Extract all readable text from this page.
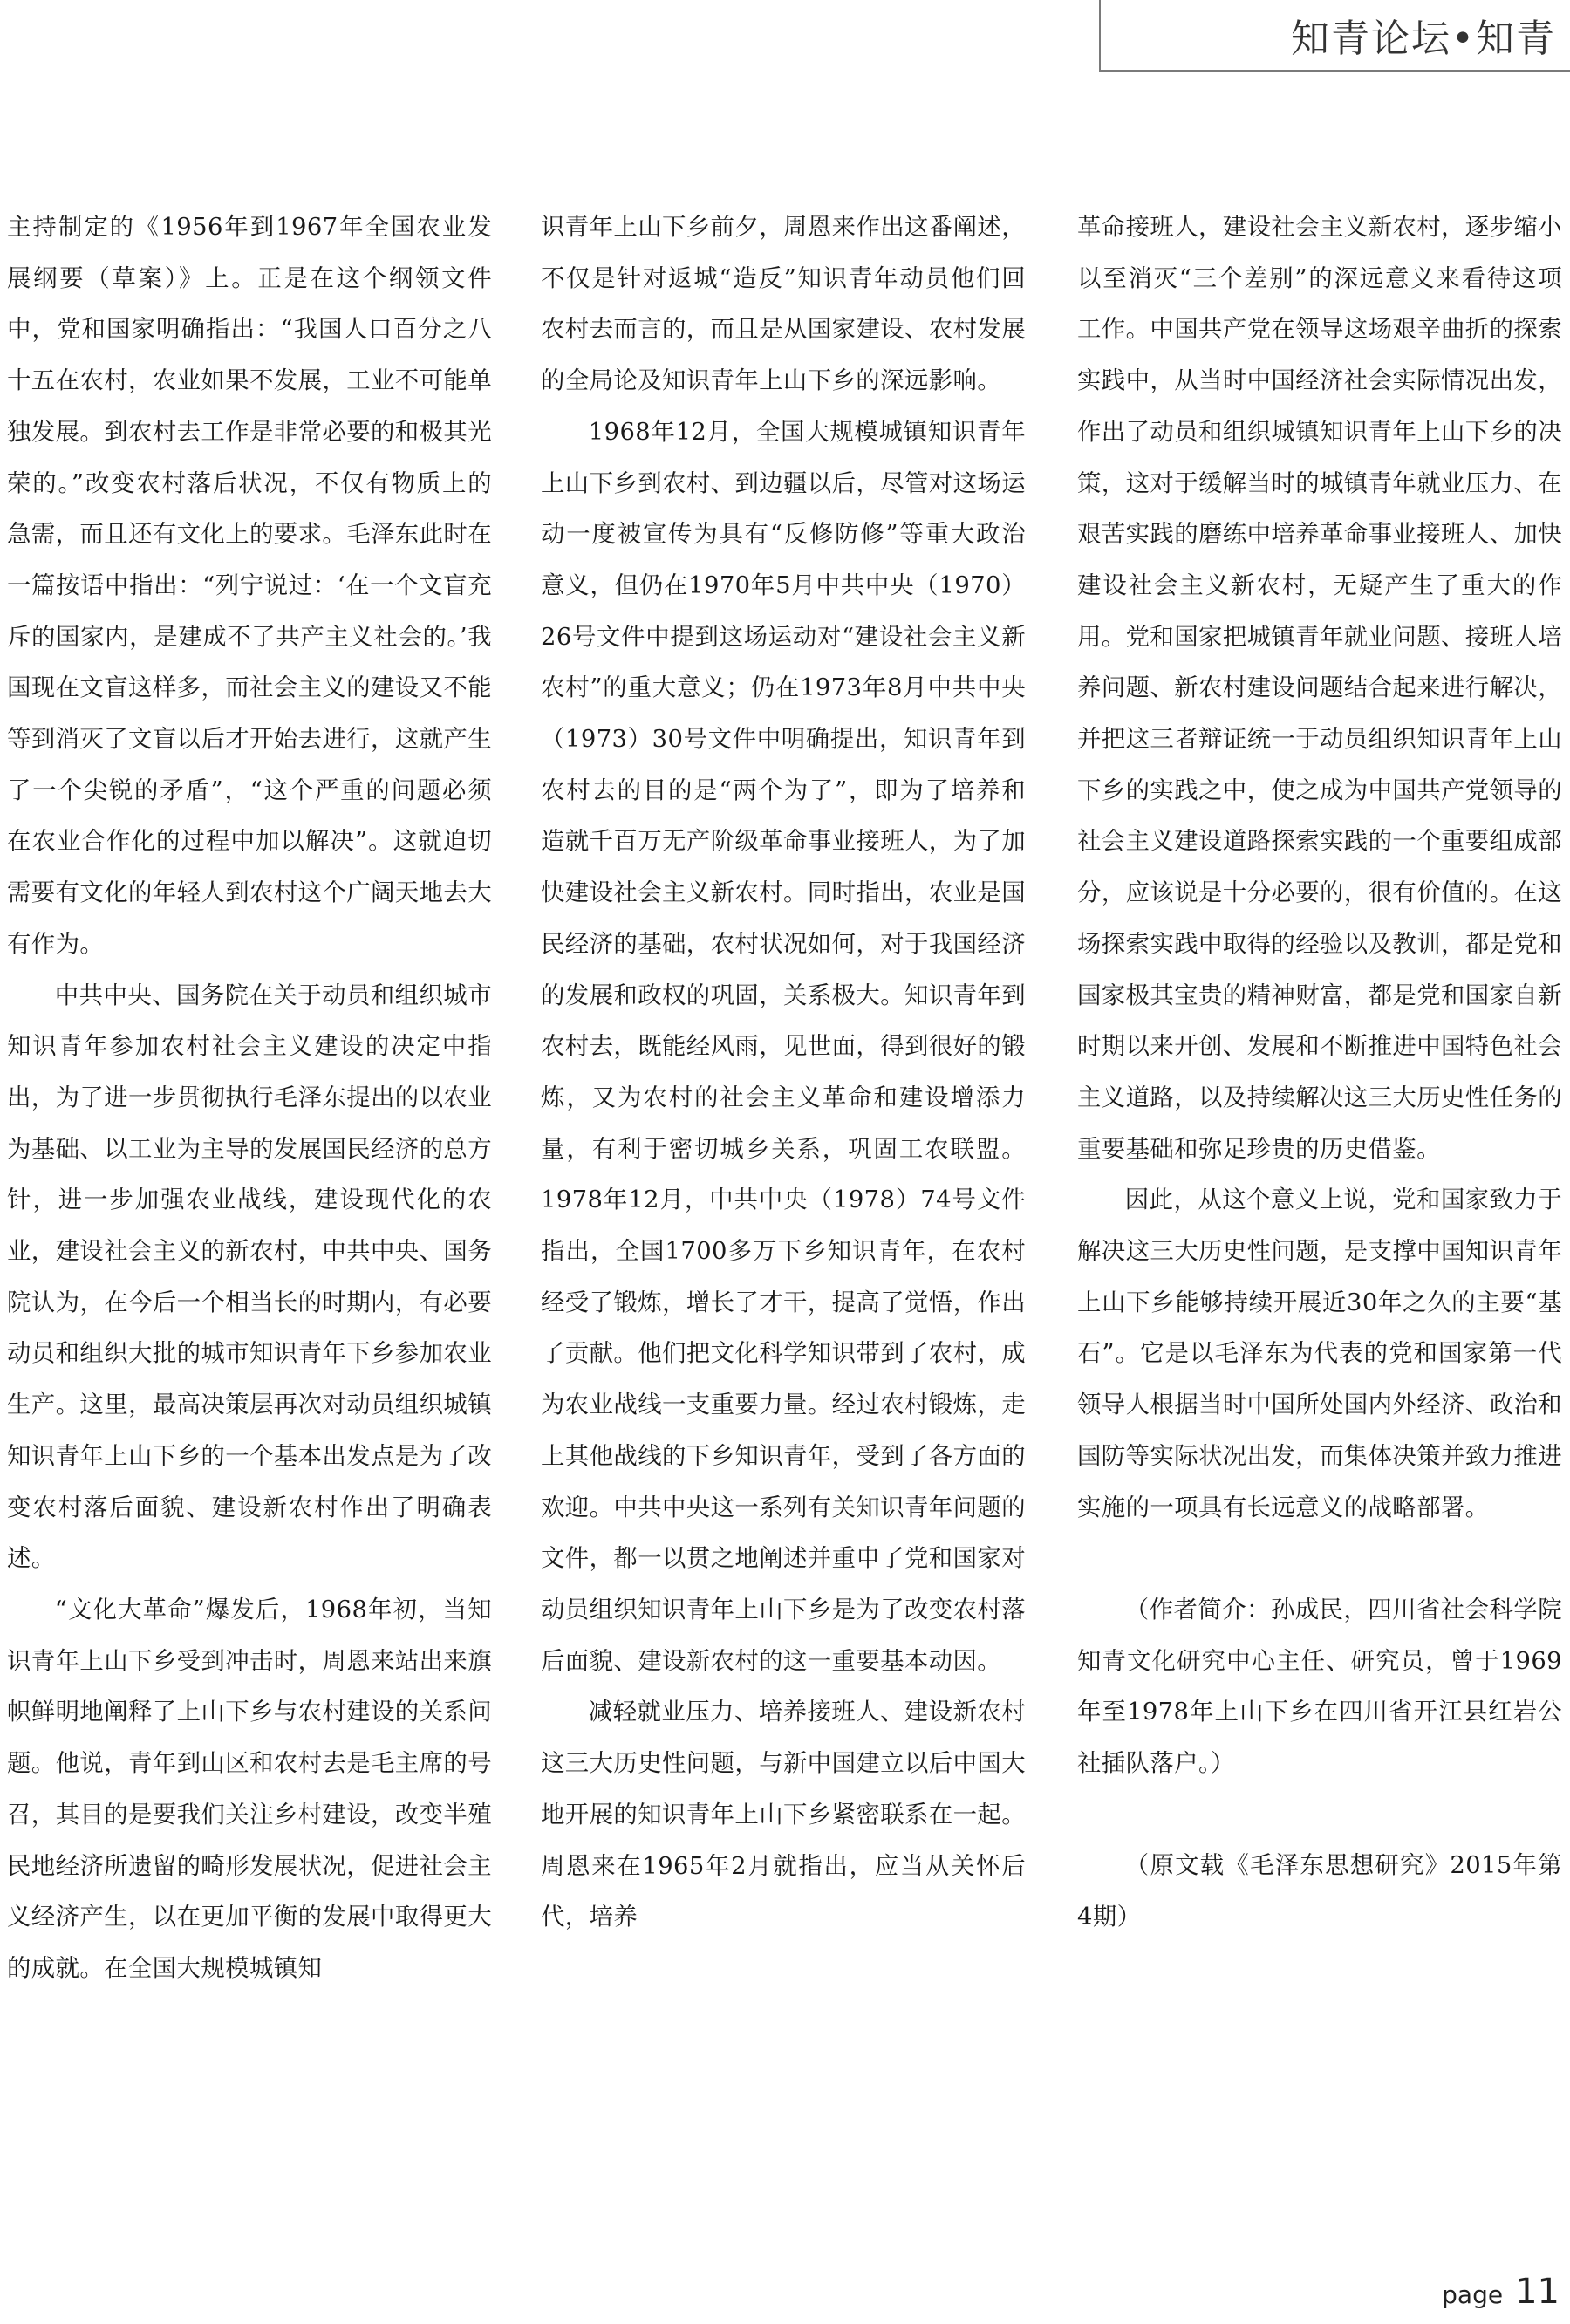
知青论坛•知青

主持制定的《1956年到1967年全国农业发展纲要（草案）》上。正是在这个纲领文件中，党和国家明确指出：“我国人口百分之八十五在农村，农业如果不发展，工业不可能单独发展。到农村去工作是非常必要的和极其光荣的。”改变农村落后状况，不仅有物质上的急需，而且还有文化上的要求。毛泽东此时在一篇按语中指出：“列宁说过：‘在一个文盲充斥的国家内，是建成不了共产主义社会的。’我国现在文盲这样多，而社会主义的建设又不能等到消灭了文盲以后才开始去进行，这就产生了一个尖锐的矛盾”，“这个严重的问题必须在农业合作化的过程中加以解决”。这就迫切需要有文化的年轻人到农村这个广阔天地去大有作为。

中共中央、国务院在关于动员和组织城市知识青年参加农村社会主义建设的决定中指出，为了进一步贯彻执行毛泽东提出的以农业为基础、以工业为主导的发展国民经济的总方针，进一步加强农业战线，建设现代化的农业，建设社会主义的新农村，中共中央、国务院认为，在今后一个相当长的时期内，有必要动员和组织大批的城市知识青年下乡参加农业生产。这里，最高决策层再次对动员组织城镇知识青年上山下乡的一个基本出发点是为了改变农村落后面貌、建设新农村作出了明确表述。

“文化大革命”爆发后，1968年初，当知识青年上山下乡受到冲击时，周恩来站出来旗帜鲜明地阐释了上山下乡与农村建设的关系问题。他说，青年到山区和农村去是毛主席的号召，其目的是要我们关注乡村建设，改变半殖民地经济所遗留的畸形发展状况，促进社会主义经济产生，以在更加平衡的发展中取得更大的成就。在全国大规模城镇知

识青年上山下乡前夕，周恩来作出这番阐述，不仅是针对返城“造反”知识青年动员他们回农村去而言的，而且是从国家建设、农村发展的全局论及知识青年上山下乡的深远影响。

1968年12月，全国大规模城镇知识青年上山下乡到农村、到边疆以后，尽管对这场运动一度被宣传为具有“反修防修”等重大政治意义，但仍在1970年5月中共中央（1970）26号文件中提到这场运动对“建设社会主义新农村”的重大意义；仍在1973年8月中共中央（1973）30号文件中明确提出，知识青年到农村去的目的是“两个为了”，即为了培养和造就千百万无产阶级革命事业接班人，为了加快建设社会主义新农村。同时指出，农业是国民经济的基础，农村状况如何，对于我国经济的发展和政权的巩固，关系极大。知识青年到农村去，既能经风雨，见世面，得到很好的锻炼，又为农村的社会主义革命和建设增添力量，有利于密切城乡关系，巩固工农联盟。1978年12月，中共中央（1978）74号文件指出，全国1700多万下乡知识青年，在农村经受了锻炼，增长了才干，提高了觉悟，作出了贡献。他们把文化科学知识带到了农村，成为农业战线一支重要力量。经过农村锻炼，走上其他战线的下乡知识青年，受到了各方面的欢迎。中共中央这一系列有关知识青年问题的文件，都一以贯之地阐述并重申了党和国家对动员组织知识青年上山下乡是为了改变农村落后面貌、建设新农村的这一重要基本动因。

减轻就业压力、培养接班人、建设新农村这三大历史性问题，与新中国建立以后中国大地开展的知识青年上山下乡紧密联系在一起。周恩来在1965年2月就指出，应当从关怀后代，培养

革命接班人，建设社会主义新农村，逐步缩小以至消灭“三个差别”的深远意义来看待这项工作。中国共产党在领导这场艰辛曲折的探索实践中，从当时中国经济社会实际情况出发，作出了动员和组织城镇知识青年上山下乡的决策，这对于缓解当时的城镇青年就业压力、在艰苦实践的磨练中培养革命事业接班人、加快建设社会主义新农村，无疑产生了重大的作用。党和国家把城镇青年就业问题、接班人培养问题、新农村建设问题结合起来进行解决，并把这三者辩证统一于动员组织知识青年上山下乡的实践之中，使之成为中国共产党领导的社会主义建设道路探索实践的一个重要组成部分，应该说是十分必要的，很有价值的。在这场探索实践中取得的经验以及教训，都是党和国家极其宝贵的精神财富，都是党和国家自新时期以来开创、发展和不断推进中国特色社会主义道路，以及持续解决这三大历史性任务的重要基础和弥足珍贵的历史借鉴。

因此，从这个意义上说，党和国家致力于解决这三大历史性问题，是支撑中国知识青年上山下乡能够持续开展近30年之久的主要“基石”。它是以毛泽东为代表的党和国家第一代领导人根据当时中国所处国内外经济、政治和国防等实际状况出发，而集体决策并致力推进实施的一项具有长远意义的战略部署。

（作者简介：孙成民，四川省社会科学院知青文化研究中心主任、研究员，曾于1969年至1978年上山下乡在四川省开江县红岩公社插队落户。）

（原文载《毛泽东思想研究》2015年第4期）

page 11
